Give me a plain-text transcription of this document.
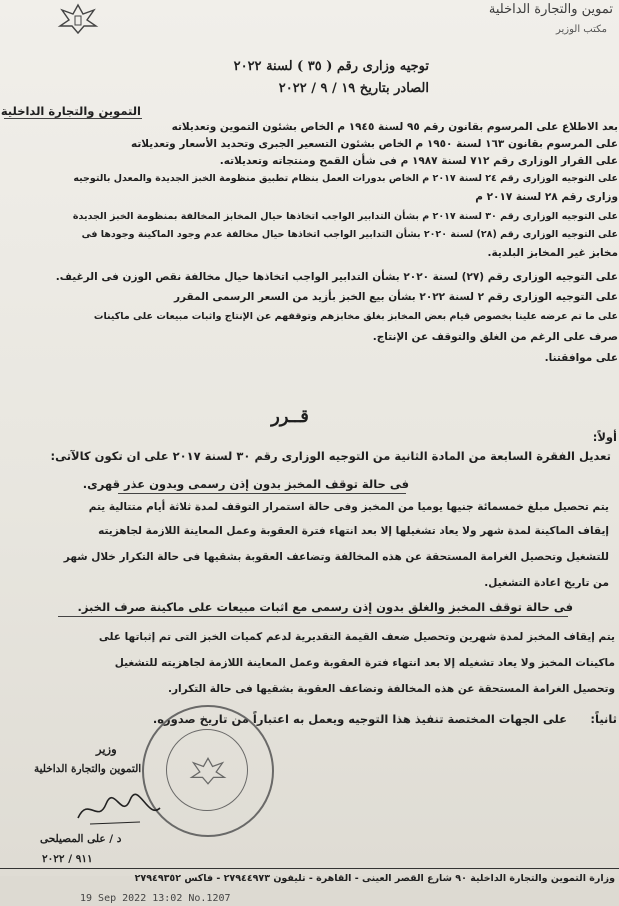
تموين والتجارة الداخلية
مكتب الوزير
توجيه وزارى رقم ( ٣٥ ) لسنة ٢٠٢٢
الصادر بتاريخ ١٩ / ٩ / ٢٠٢٢
التموين والتجارة الداخلية
بعد الاطلاع على المرسوم بقانون رقم ٩٥ لسنة ١٩٤٥ م الخاص بشئون التموين وتعديلاته
على المرسوم بقانون ١٦٣ لسنة ١٩٥٠ م الخاص بشئون التسعير الجبرى وتحديد الأسعار وتعديلاته
على القرار الوزارى رقم ٧١٢ لسنة ١٩٨٧ م فى شأن القمح ومنتجاته وتعديلاته.
على التوجيه الوزارى رقم ٢٤ لسنة ٢٠١٧ م الخاص بدورات العمل بنظام تطبيق منظومة الخبز الجديدة والمعدل بالتوجيه
وزارى رقم ٢٨ لسنة ٢٠١٧ م
على التوجيه الوزارى رقم ٣٠ لسنة ٢٠١٧ م بشأن التدابير الواجب اتخاذها حيال المخابز المخالفة بمنظومة الخبز الجديدة
على التوجيه الوزارى رقم (٢٨) لسنة ٢٠٢٠ بشأن التدابير الواجب اتخاذها حيال مخالفة عدم وجود الماكينة وجودها فى
مخابز غير المخابز البلدية.
على التوجيه الوزارى رقم (٢٧) لسنة ٢٠٢٠ بشأن التدابير الواجب اتخاذها حيال مخالفة نقص الوزن فى الرغيف.
على التوجيه الوزارى رقم ٢ لسنة ٢٠٢٢ بشأن بيع الخبز بأزيد من السعر الرسمى المقرر
على ما تم عرضه علينا بخصوص قيام بعض المخابز بغلق مخابزهم وتوقفهم عن الإنتاج واثبات مبيعات على ماكينات
صرف على الرغم من الغلق والتوقف عن الإنتاج.
على موافقتنا.
قــرر
أولاً:
تعديل الفقرة السابعة من المادة الثانية من التوجيه الوزارى رقم ٣٠ لسنة ٢٠١٧ على ان تكون كالآتى:
فى حالة توقف المخبز بدون إذن رسمى وبدون عذر قهرى.
يتم تحصيل مبلغ خمسمائة جنيها يوميا من المخبز وفى حالة استمرار التوقف لمدة ثلاثة أيام متتالية يتم
إيقاف الماكينة لمدة شهر ولا يعاد تشغيلها إلا بعد انتهاء فترة العقوبة وعمل المعاينة اللازمة لجاهزيته
للتشغيل وتحصيل الغرامة المستحقة عن هذه المخالفة وتضاعف العقوبة بشقيها فى حالة التكرار خلال شهر
من تاريخ اعادة التشغيل.
فى حالة توقف المخبز والغلق بدون إذن رسمى مع اثبات مبيعات على ماكينة صرف الخبز.
يتم إيقاف المخبز لمدة شهرين وتحصيل ضعف القيمة التقديرية لدعم كميات الخبز التى تم إثباتها على
ماكينات المخبز ولا يعاد تشغيله إلا بعد انتهاء فترة العقوبة وعمل المعاينة اللازمة لجاهزيته للتشغيل
وتحصيل الغرامة المستحقة عن هذه المخالفة وتضاعف العقوبة بشقيها فى حالة التكرار.
ثانياً:
على الجهات المختصة تنفيذ هذا التوجيه ويعمل به اعتباراً من تاريخ صدوره.
وزير
التموين والتجارة الداخلية
د / على المصيلحى
٩١١ / ٢٠٢٢
وزارة التموين والتجارة الداخلية ٩٠ شارع القصر العينى - القاهرة - تليفون ٢٧٩٤٤٩٧٣ - فاكس ٢٧٩٤٩٣٥٢
19 Sep 2022 13:02 No.1207
